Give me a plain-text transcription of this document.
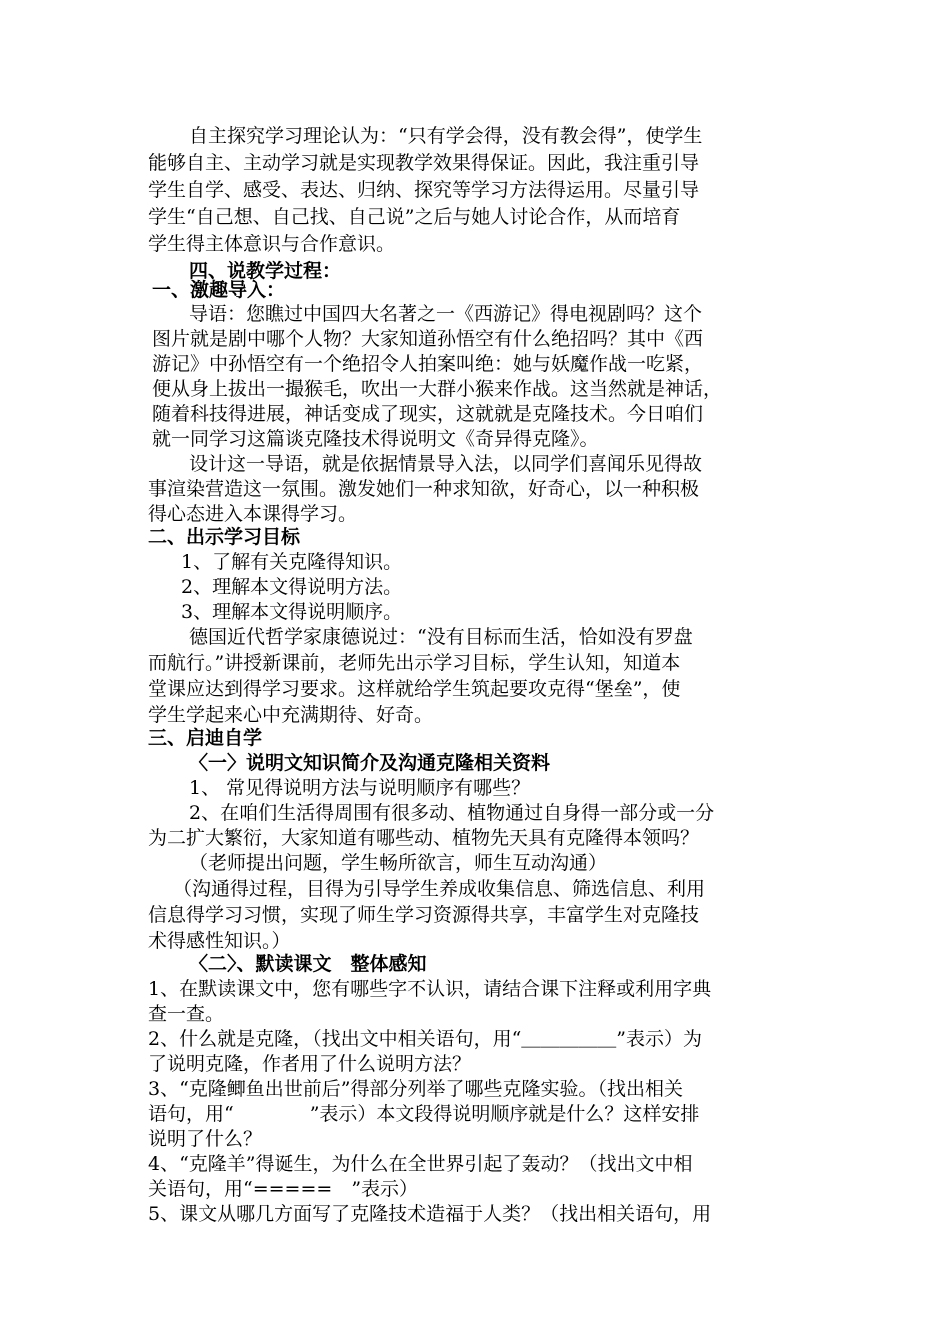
自主探究学习理论认为：“只有学会得，没有教会得”，使学生
能够自主、主动学习就是实现教学效果得保证。因此，我注重引导
学生自学、感受、表达、归纳、探究等学习方法得运用。尽量引导
学生“自己想、自己找、自己说”之后与她人讨论合作，从而培育
学生得主体意识与合作意识。
四、说教学过程：
一、激趣导入：
导语：您瞧过中国四大名著之一《西游记》得电视剧吗？这个
图片就是剧中哪个人物？大家知道孙悟空有什么绝招吗？其中《西
游记》中孙悟空有一个绝招令人拍案叫绝：她与妖魔作战一吃紧，
便从身上拔出一撮猴毛，吹出一大群小猴来作战。这当然就是神话，
随着科技得进展，神话变成了现实，这就就是克隆技术。今日咱们
就一同学习这篇谈克隆技术得说明文《奇异得克隆》。
设计这一导语，就是依据情景导入法，以同学们喜闻乐见得故
事渲染营造这一氛围。激发她们一种求知欲，好奇心，以一种积极
得心态进入本课得学习。
二、出示学习目标
1、了解有关克隆得知识。
2、理解本文得说明方法。
3、理解本文得说明顺序。
德国近代哲学家康德说过：“没有目标而生活，恰如没有罗盘
而航行。”讲授新课前，老师先出示学习目标，学生认知，知道本
堂课应达到得学习要求。这样就给学生筑起要攻克得“堡垒”，使
学生学起来心中充满期待、好奇。
三、启迪自学
〈一〉说明文知识简介及沟通克隆相关资料
1、 常见得说明方法与说明顺序有哪些？
2、在咱们生活得周围有很多动、植物通过自身得一部分或一分
为二扩大繁衍，大家知道有哪些动、植物先天具有克隆得本领吗？
（老师提出问题，学生畅所欲言，师生互动沟通）
（沟通得过程，目得为引导学生养成收集信息、筛选信息、利用
信息得学习习惯，实现了师生学习资源得共享，丰富学生对克隆技
术得感性知识。）
〈二〉、默读课文　整体感知
1、在默读课文中，您有哪些字不认识，请结合课下注释或利用字典
查一查。
2、什么就是克隆，（找出文中相关语句，用“＿＿＿＿＿”表示）为
了说明克隆，作者用了什么说明方法？
3、“克隆鲫鱼出世前后”得部分列举了哪些克隆实验。（找出相关
语句，用“　　　　”表示）本文段得说明顺序就是什么？这样安排
说明了什么？
4、“克隆羊”得诞生，为什么在全世界引起了轰动？（找出文中相
关语句，用“=====　”表示）
5、课文从哪几方面写了克隆技术造福于人类？（找出相关语句，用
